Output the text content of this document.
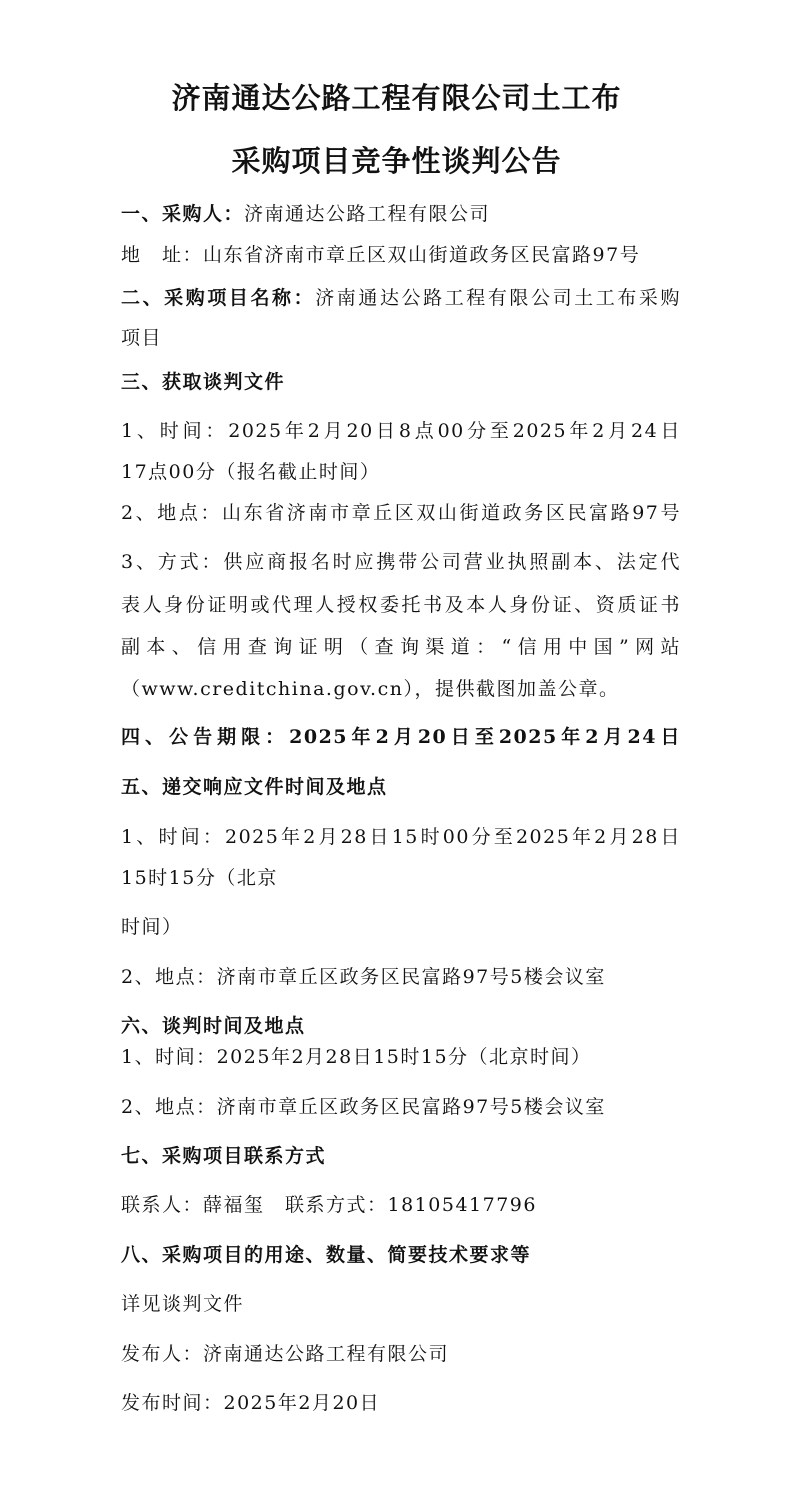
济南通达公路工程有限公司土工布
采购项目竞争性谈判公告
一、采购人：济南通达公路工程有限公司
地　址：山东省济南市章丘区双山街道政务区民富路97号
二、采购项目名称：济南通达公路工程有限公司土工布采购
项目
三、获取谈判文件
1、时间：2025年2月20日8点00分至2025年2月24日
17点00分（报名截止时间）
2、地点：山东省济南市章丘区双山街道政务区民富路97号
3、方式：供应商报名时应携带公司营业执照副本、法定代
表人身份证明或代理人授权委托书及本人身份证、资质证书
副本、信用查询证明（查询渠道：“信用中国”网站
（www.creditchina.gov.cn），提供截图加盖公章。
四、公告期限：2025年2月20日至2025年2月24日
五、递交响应文件时间及地点
1、时间：2025年2月28日15时00分至2025年2月28日
15时15分（北京
时间）
2、地点：济南市章丘区政务区民富路97号5楼会议室
六、谈判时间及地点
1、时间：2025年2月28日15时15分（北京时间）
2、地点：济南市章丘区政务区民富路97号5楼会议室
七、采购项目联系方式
联系人：薛福玺　联系方式：18105417796
八、采购项目的用途、数量、简要技术要求等
详见谈判文件
发布人：济南通达公路工程有限公司
发布时间：2025年2月20日
